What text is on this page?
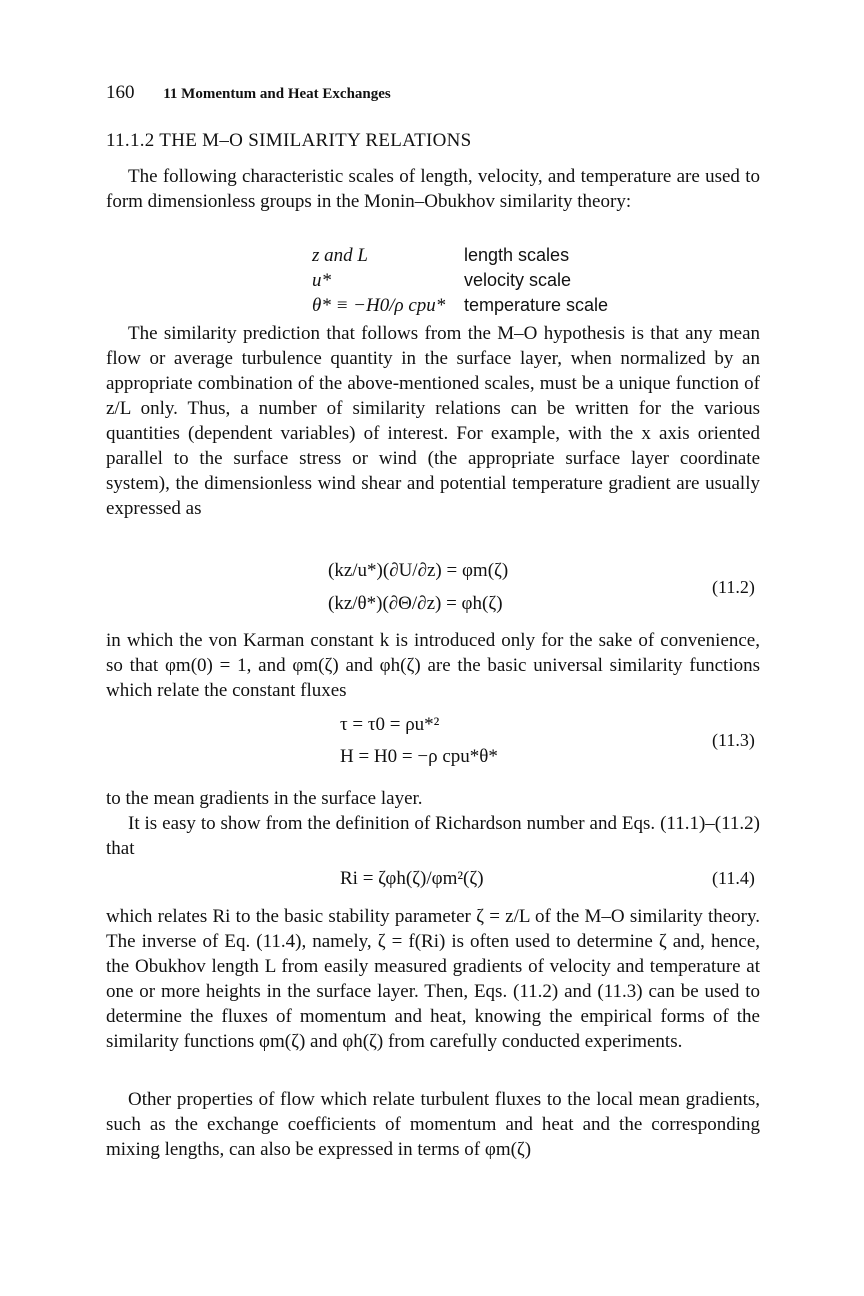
160 11 Momentum and Heat Exchanges
11.1.2 THE M–O SIMILARITY RELATIONS

The following characteristic scales of length, velocity, and temperature are used to form dimensionless groups in the Monin–Obukhov similarity theory:

z and L	length scales
u*	velocity scale
θ* ≡ −H0/ρ cpu*	temperature scale

The similarity prediction that follows from the M–O hypothesis is that any mean flow or average turbulence quantity in the surface layer, when normalized by an appropriate combination of the above-mentioned scales, must be a unique function of z/L only. Thus, a number of similarity relations can be written for the various quantities (dependent variables) of interest. For example, with the x axis oriented parallel to the surface stress or wind (the appropriate surface layer coordinate system), the dimensionless wind shear and potential temperature gradient are usually expressed as

(kz/u*)(∂U/∂z) = φm(ζ)
(kz/θ*)(∂Θ/∂z) = φh(ζ)
(11.2)

in which the von Karman constant k is introduced only for the sake of convenience, so that φm(0) = 1, and φm(ζ) and φh(ζ) are the basic universal similarity functions which relate the constant fluxes

τ = τ0 = ρu*²
H = H0 = −ρ cpu*θ*
(11.3)

to the mean gradients in the surface layer.

It is easy to show from the definition of Richardson number and Eqs. (11.1)–(11.2) that

Ri = ζφh(ζ)/φm²(ζ)	(11.4)

which relates Ri to the basic stability parameter ζ = z/L of the M–O similarity theory. The inverse of Eq. (11.4), namely, ζ = f(Ri) is often used to determine ζ and, hence, the Obukhov length L from easily measured gradients of velocity and temperature at one or more heights in the surface layer. Then, Eqs. (11.2) and (11.3) can be used to determine the fluxes of momentum and heat, knowing the empirical forms of the similarity functions φm(ζ) and φh(ζ) from carefully conducted experiments.

Other properties of flow which relate turbulent fluxes to the local mean gradients, such as the exchange coefficients of momentum and heat and the corresponding mixing lengths, can also be expressed in terms of φm(ζ)
